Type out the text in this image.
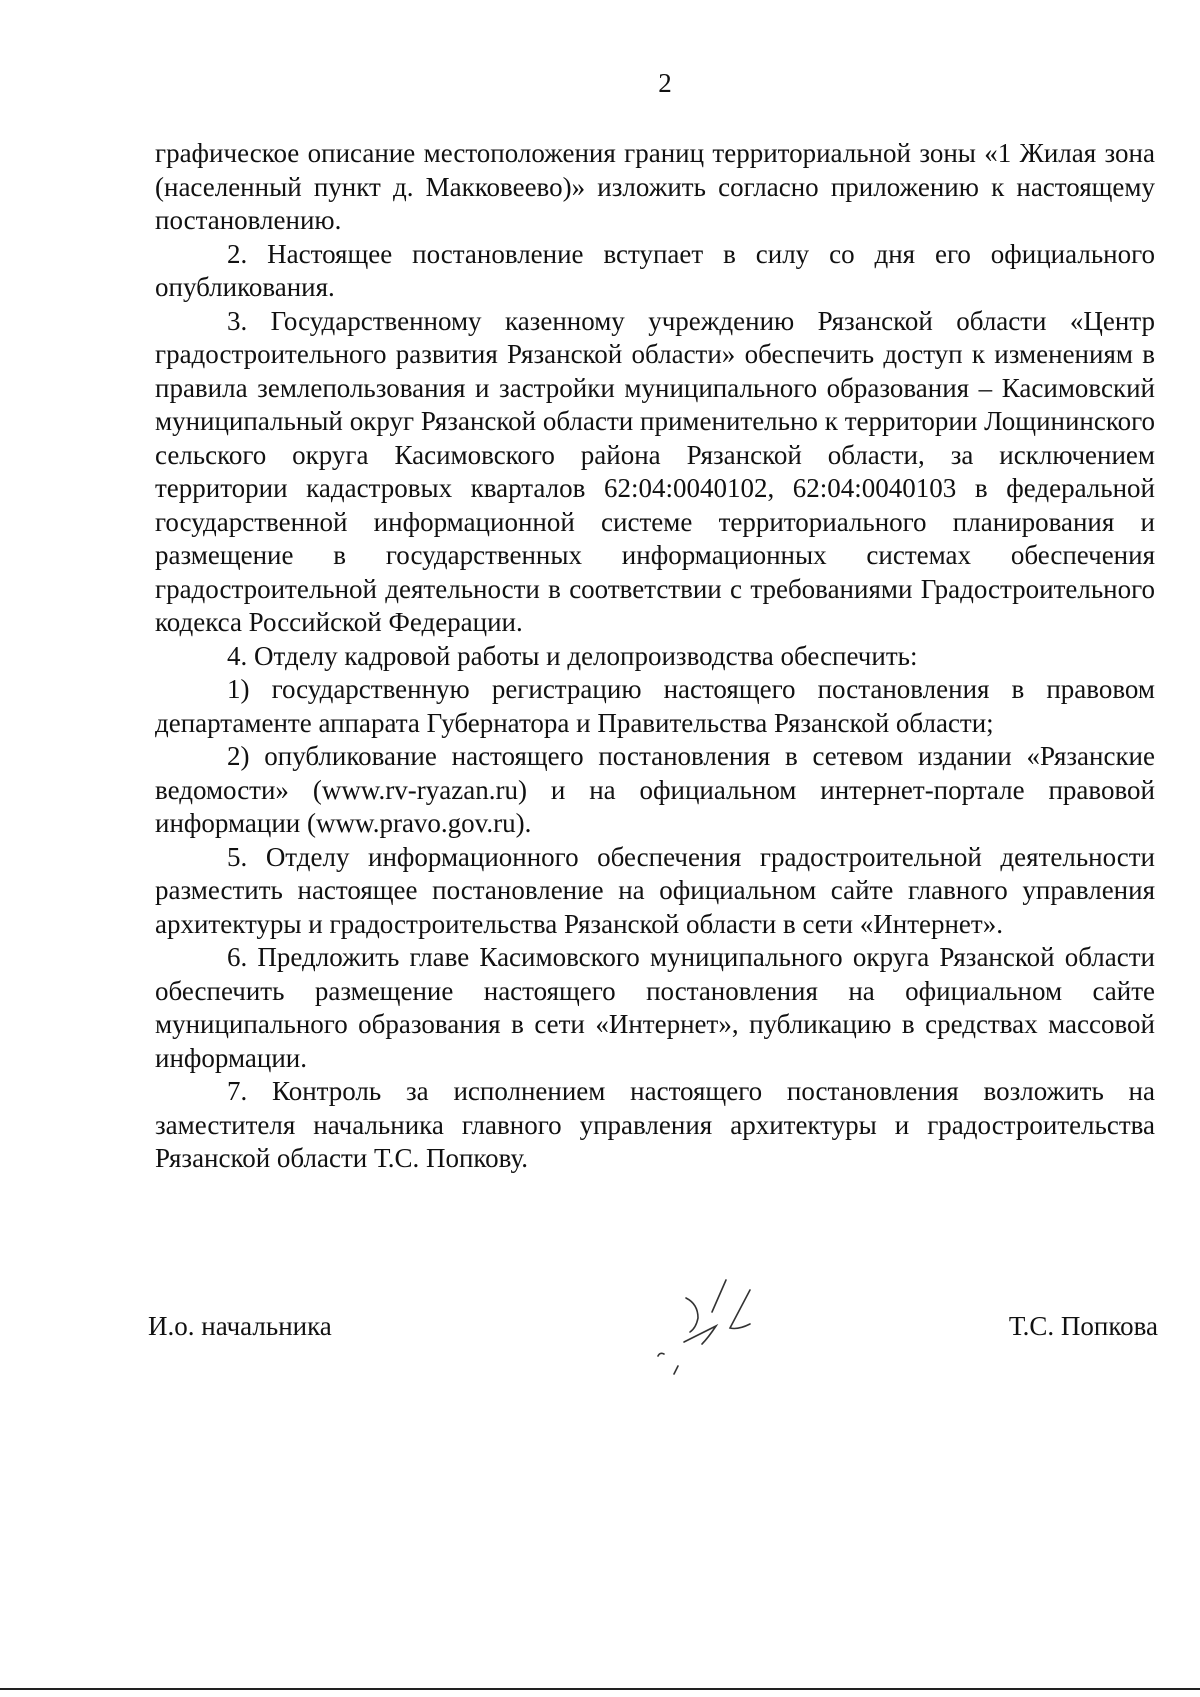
2

графическое описание местоположения границ территориальной зоны «1 Жилая зона (населенный пункт д. Макковеево)» изложить согласно приложению к настоящему постановлению.

2. Настоящее постановление вступает в силу со дня его официального опубликования.

3. Государственному казенному учреждению Рязанской области «Центр градостроительного развития Рязанской области» обеспечить доступ к изменениям в правила землепользования и застройки муниципального образования – Касимовский муниципальный округ Рязанской области применительно к территории Лощининского сельского округа Касимовского района Рязанской области, за исключением территории кадастровых кварталов 62:04:0040102, 62:04:0040103 в федеральной государственной информационной системе территориального планирования и размещение в государственных информационных системах обеспечения градостроительной деятельности в соответствии с требованиями Градостроительного кодекса Российской Федерации.

4. Отделу кадровой работы и делопроизводства обеспечить:

1) государственную регистрацию настоящего постановления в правовом департаменте аппарата Губернатора и Правительства Рязанской области;

2) опубликование настоящего постановления в сетевом издании «Рязанские ведомости» (www.rv-ryazan.ru) и на официальном интернет-портале правовой информации (www.pravo.gov.ru).

5. Отделу информационного обеспечения градостроительной деятельности разместить настоящее постановление на официальном сайте главного управления архитектуры и градостроительства Рязанской области в сети «Интернет».

6. Предложить главе Касимовского муниципального округа Рязанской области обеспечить размещение настоящего постановления на официальном сайте муниципального образования в сети «Интернет», публикацию в средствах массовой информации.

7. Контроль за исполнением настоящего постановления возложить на заместителя начальника главного управления архитектуры и градостроительства Рязанской области Т.С. Попкову.

И.о. начальника	Т.С. Попкова
